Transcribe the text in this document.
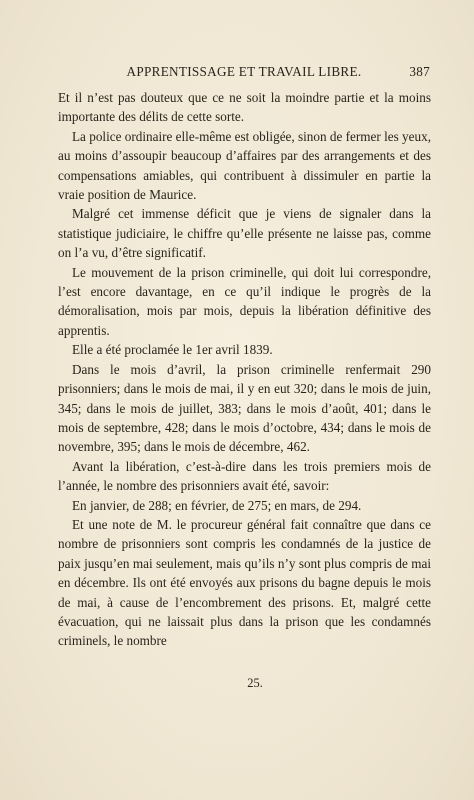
APPRENTISSAGE ET TRAVAIL LIBRE.	387

Et il n’est pas douteux que ce ne soit la moindre partie et la moins importante des délits de cette sorte.

La police ordinaire elle-même est obligée, sinon de fermer les yeux, au moins d’assoupir beaucoup d’affaires par des arrangements et des compensations amiables, qui contribuent à dissimuler en partie la vraie position de Maurice.

Malgré cet immense déficit que je viens de signaler dans la statistique judiciaire, le chiffre qu’elle présente ne laisse pas, comme on l’a vu, d’être significatif.

Le mouvement de la prison criminelle, qui doit lui correspondre, l’est encore davantage, en ce qu’il indique le progrès de la démoralisation, mois par mois, depuis la libération définitive des apprentis.

Elle a été proclamée le 1er avril 1839.

Dans le mois d’avril, la prison criminelle renfermait 290 prisonniers; dans le mois de mai, il y en eut 320; dans le mois de juin, 345; dans le mois de juillet, 383; dans le mois d’août, 401; dans le mois de septembre, 428; dans le mois d’octobre, 434; dans le mois de novembre, 395; dans le mois de décembre, 462.

Avant la libération, c’est-à-dire dans les trois premiers mois de l’année, le nombre des prisonniers avait été, savoir:

En janvier, de 288; en février, de 275; en mars, de 294.

Et une note de M. le procureur général fait connaître que dans ce nombre de prisonniers sont compris les condamnés de la justice de paix jusqu’en mai seulement, mais qu’ils n’y sont plus compris de mai en décembre. Ils ont été envoyés aux prisons du bagne depuis le mois de mai, à cause de l’encombrement des prisons. Et, malgré cette évacuation, qui ne laissait plus dans la prison que les condamnés criminels, le nombre

25.
